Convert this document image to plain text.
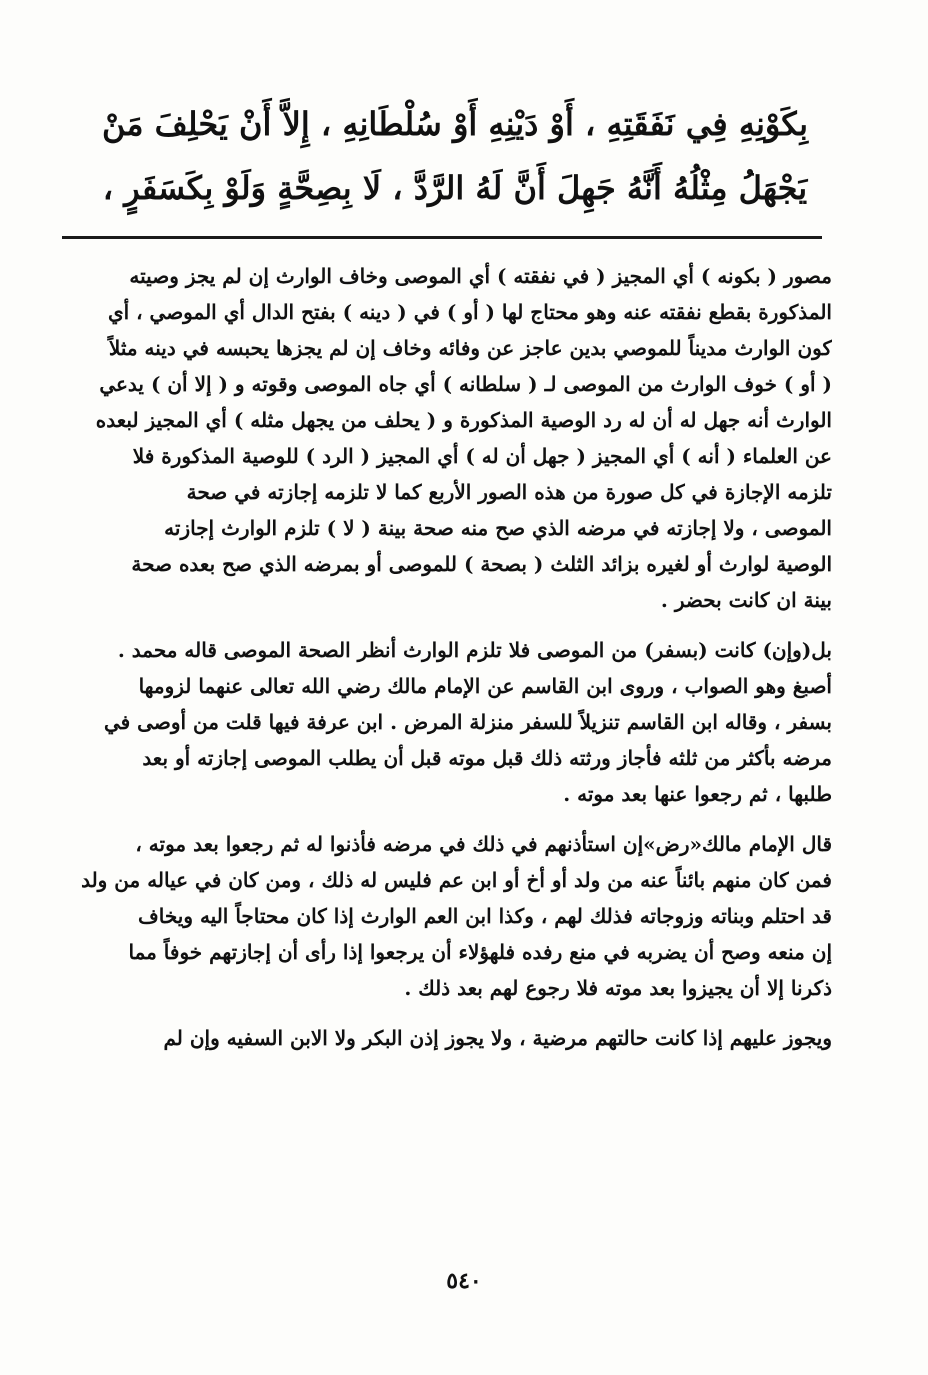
بِكَوْنِهِ فِي نَفَقَتِهِ ، أَوْ دَيْنِهِ أَوْ سُلْطَانِهِ ، إِلاَّ أَنْ يَحْلِفَ مَنْ
يَجْهَلُ مِثْلُهُ أَنَّهُ جَهِلَ أَنَّ لَهُ الرَّدَّ ، لَا بِصِحَّةٍ وَلَوْ بِكَسَفَرٍ ،
مصور ( بكونه ) أي المجيز ( في نفقته ) أي الموصى وخاف الوارث إن لم يجز وصيته
المذكورة بقطع نفقته عنه وهو محتاج لها ( أو ) في ( دينه ) بفتح الدال أي الموصي ، أي
كون الوارث مديناً للموصي بدين عاجز عن وفائه وخاف إن لم يجزها يحبسه في دينه مثلاً
( أو ) خوف الوارث من الموصى لـ ( سلطانه ) أي جاه الموصى وقوته و ( إلا أن ) يدعي
الوارث أنه جهل له أن له رد الوصية المذكورة و ( يحلف من يجهل مثله ) أي المجيز لبعده
عن العلماء ( أنه ) أي المجيز ( جهل أن له ) أي المجيز ( الرد ) للوصية المذكورة فلا
تلزمه الإجازة في كل صورة من هذه الصور الأربع كما لا تلزمه إجازته في صحة
الموصى ، ولا إجازته في مرضه الذي صح منه صحة بينة ( لا ) تلزم الوارث إجازته
الوصية لوارث أو لغيره بزائد الثلث ( بصحة ) للموصى أو بمرضه الذي صح بعده صحة
بينة ان كانت بحضر .
بل(وإن) كانت (بسفر) من الموصى فلا تلزم الوارث أنظر الصحة الموصى قاله محمد .
أصبغ وهو الصواب ، وروى ابن القاسم عن الإمام مالك رضي الله تعالى عنهما لزومها
بسفر ، وقاله ابن القاسم تنزيلاً للسفر منزلة المرض . ابن عرفة فيها قلت من أوصى في
مرضه بأكثر من ثلثه فأجاز ورثته ذلك قبل موته قبل أن يطلب الموصى إجازته أو بعد
طلبها ، ثم رجعوا عنها بعد موته .
قال الإمام مالك«رض»إن استأذنهم في ذلك في مرضه فأذنوا له ثم رجعوا بعد موته ،
فمن كان منهم بائناً عنه من ولد أو أخ أو ابن عم فليس له ذلك ، ومن كان في عياله من ولد
قد احتلم وبناته وزوجاته فذلك لهم ، وكذا ابن العم الوارث إذا كان محتاجاً اليه ويخاف
إن منعه وصح أن يضربه في منع رفده فلهؤلاء أن يرجعوا إذا رأى أن إجازتهم خوفاً مما
ذكرنا إلا أن يجيزوا بعد موته فلا رجوع لهم بعد ذلك .
ويجوز عليهم إذا كانت حالتهم مرضية ، ولا يجوز إذن البكر ولا الابن السفيه وإن لم
٥٤٠
